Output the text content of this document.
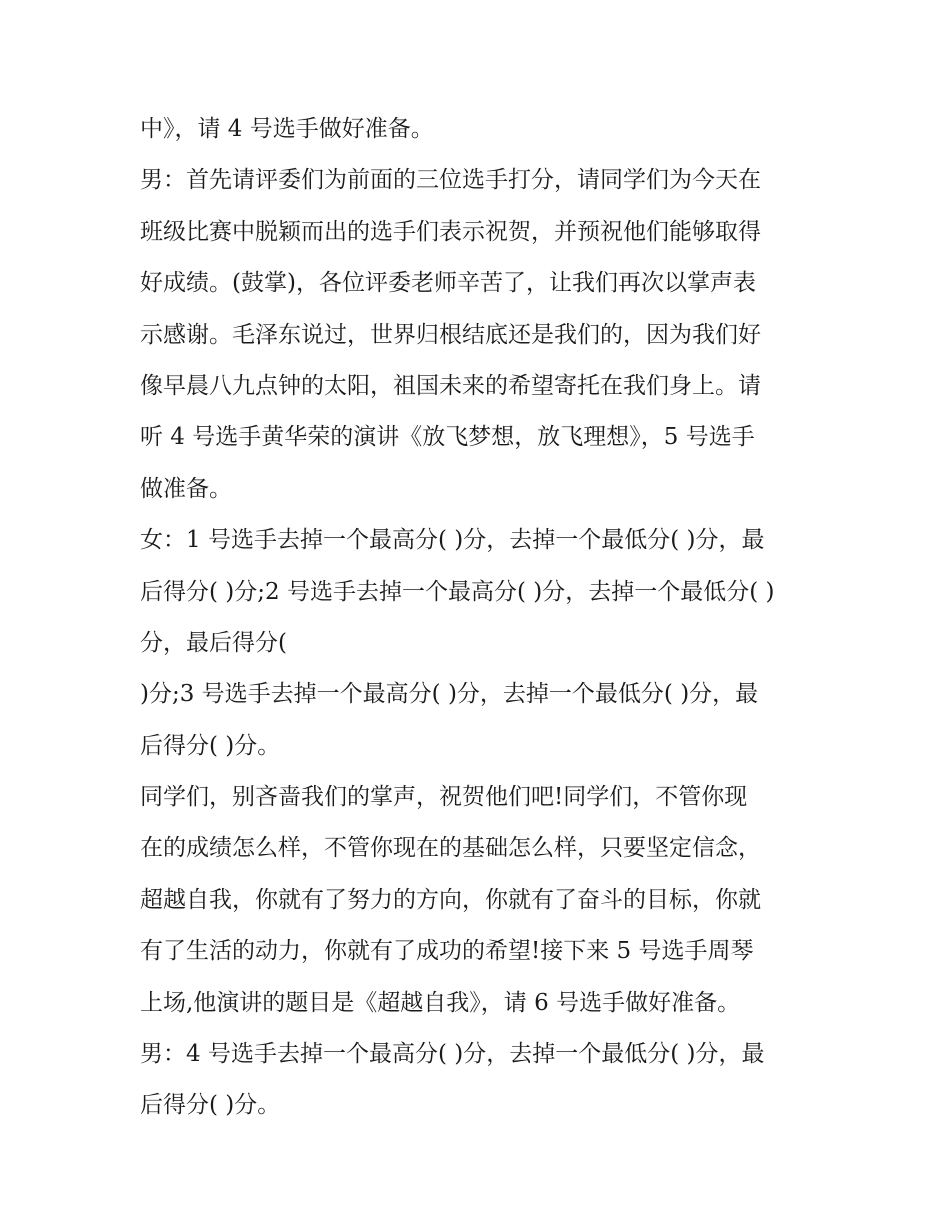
中》，请 4 号选手做好准备。
男：首先请评委们为前面的三位选手打分，请同学们为今天在
班级比赛中脱颖而出的选手们表示祝贺，并预祝他们能够取得
好成绩。(鼓掌)，各位评委老师辛苦了，让我们再次以掌声表
示感谢。毛泽东说过，世界归根结底还是我们的，因为我们好
像早晨八九点钟的太阳，祖国未来的希望寄托在我们身上。请
听 4 号选手黄华荣的演讲《放飞梦想，放飞理想》，5 号选手
做准备。
女：1 号选手去掉一个最高分( )分，去掉一个最低分( )分，最
后得分( )分;2 号选手去掉一个最高分( )分，去掉一个最低分( )
分，最后得分(
)分;3 号选手去掉一个最高分( )分，去掉一个最低分( )分，最
后得分( )分。
同学们，别吝啬我们的掌声，祝贺他们吧!同学们，不管你现
在的成绩怎么样，不管你现在的基础怎么样，只要坚定信念，
超越自我，你就有了努力的方向，你就有了奋斗的目标，你就
有了生活的动力，你就有了成功的希望!接下来 5 号选手周琴
上场,他演讲的题目是《超越自我》，请 6 号选手做好准备。
男：4 号选手去掉一个最高分( )分，去掉一个最低分( )分，最
后得分( )分。
